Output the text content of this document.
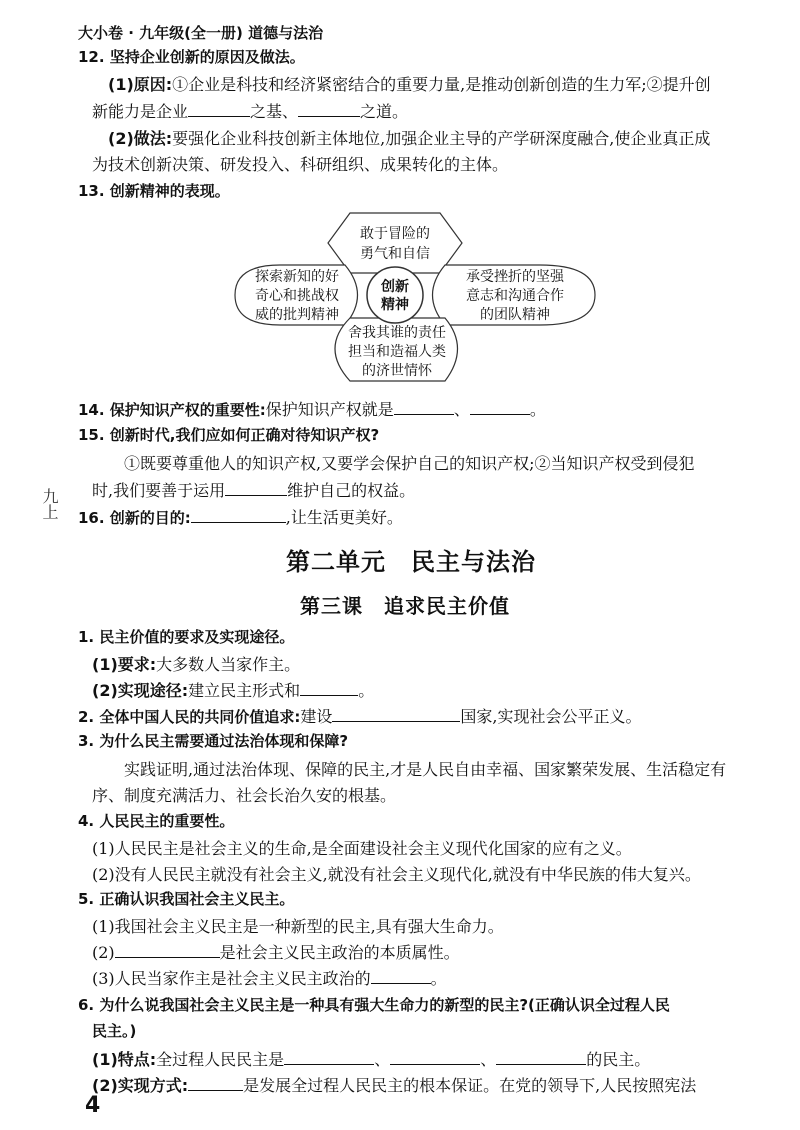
大小卷 · 九年级(全一册) 道德与法治
12. 坚持企业创新的原因及做法。
(1)原因:①企业是科技和经济紧密结合的重要力量,是推动创新创造的生力军;②提升创
新能力是企业	之基、	之道。
(2)做法:要强化企业科技创新主体地位,加强企业主导的产学研深度融合,使企业真正成
为技术创新决策、研发投入、科研组织、成果转化的主体。
13. 创新精神的表现。
敢于冒险的
勇气和自信
探索新知的好
奇心和挑战权
威的批判精神
承受挫折的坚强
意志和沟通合作
的团队精神
舍我其谁的责任
担当和造福人类
的济世情怀
创新
精神
14. 保护知识产权的重要性:保护知识产权就是	、	。
15. 创新时代,我们应如何正确对待知识产权?
①既要尊重他人的知识产权,又要学会保护自己的知识产权;②当知识产权受到侵犯
时,我们要善于运用	维护自己的权益。
九上 16. 创新的目的:	,让生活更美好。
第二单元　民主与法治
第三课　追求民主价值
1. 民主价值的要求及实现途径。
(1)要求:大多数人当家作主。
(2)实现途径:建立民主形式和	。
2. 全体中国人民的共同价值追求:建设	国家,实现社会公平正义。
3. 为什么民主需要通过法治体现和保障?
实践证明,通过法治体现、保障的民主,才是人民自由幸福、国家繁荣发展、生活稳定有
序、制度充满活力、社会长治久安的根基。
4. 人民民主的重要性。
(1)人民民主是社会主义的生命,是全面建设社会主义现代化国家的应有之义。
(2)没有人民民主就没有社会主义,就没有社会主义现代化,就没有中华民族的伟大复兴。
5. 正确认识我国社会主义民主。
(1)我国社会主义民主是一种新型的民主,具有强大生命力。
(2)	是社会主义民主政治的本质属性。
(3)人民当家作主是社会主义民主政治的	。
6. 为什么说我国社会主义民主是一种具有强大生命力的新型的民主?(正确认识全过程人民
民主。)
(1)特点:全过程人民民主是	、	、	的民主。
(2)实现方式:	是发展全过程人民民主的根本保证。在党的领导下,人民按照宪法
4
